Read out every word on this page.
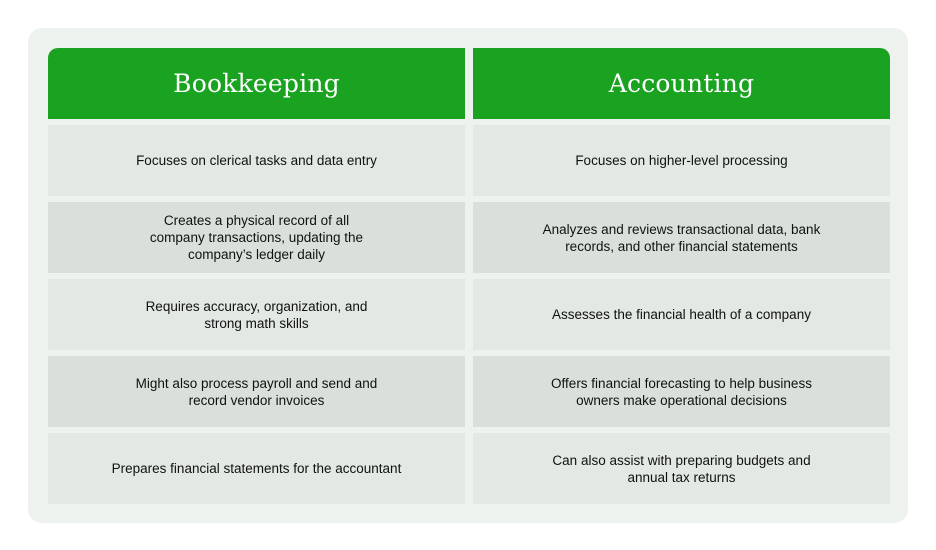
Bookkeeping	Accounting
Focuses on clerical tasks and data entry	Focuses on higher-level processing
Creates a physical record of all company transactions, updating the company’s ledger daily
Analyzes and reviews transactional data, bank records, and other financial statements
Requires accuracy, organization, and strong math skills
Assesses the financial health of a company
Might also process payroll and send and record vendor invoices
Offers financial forecasting to help business owners make operational decisions
Prepares financial statements for the accountant
Can also assist with preparing budgets and annual tax returns
